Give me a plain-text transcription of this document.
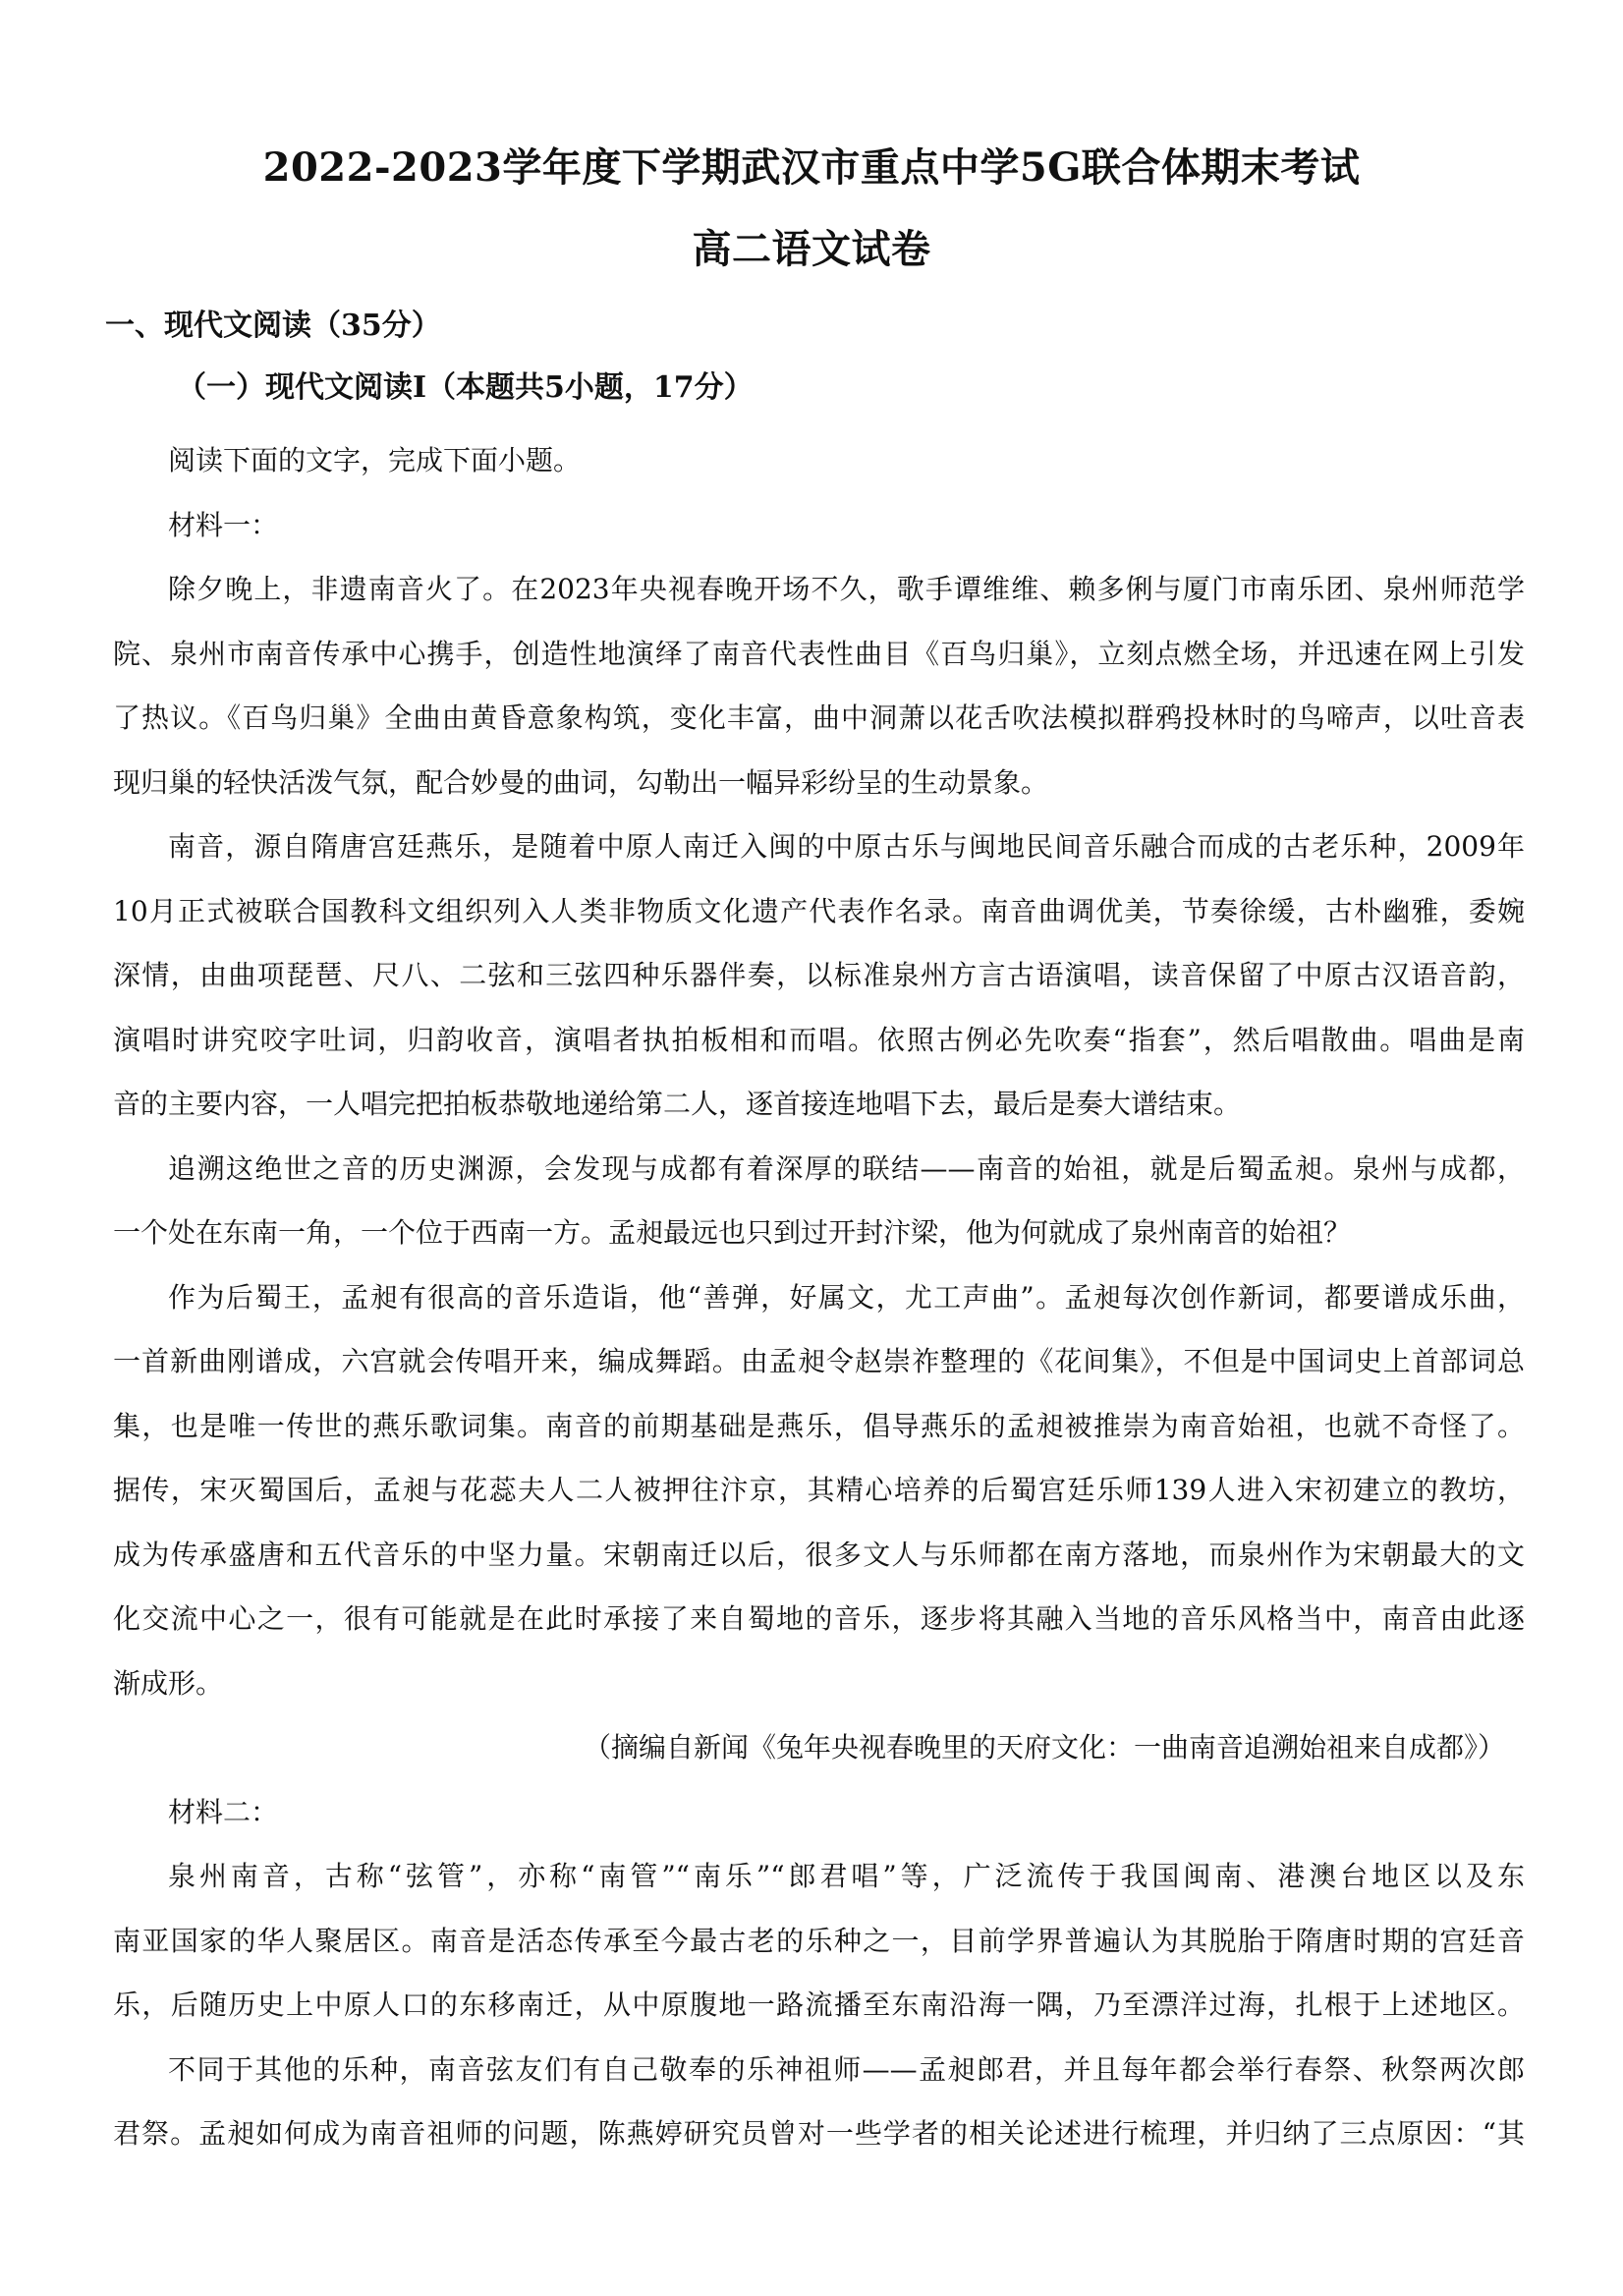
2022-2023学年度下学期武汉市重点中学5G联合体期末考试
高二语文试卷
一、现代文阅读（35分）
（一）现代文阅读Ⅰ（本题共5小题，17分）
阅读下面的文字，完成下面小题。
材料一：
除夕晚上，非遗南音火了。在2023年央视春晚开场不久，歌手谭维维、赖多俐与厦门市南乐团、泉州师范学
院、泉州市南音传承中心携手，创造性地演绎了南音代表性曲目《百鸟归巢》，立刻点燃全场，并迅速在网上引发
了热议。《百鸟归巢》全曲由黄昏意象构筑，变化丰富，曲中洞萧以花舌吹法模拟群鸦投林时的鸟啼声，以吐音表
现归巢的轻快活泼气氛，配合妙曼的曲词，勾勒出一幅异彩纷呈的生动景象。
南音，源自隋唐宫廷燕乐，是随着中原人南迁入闽的中原古乐与闽地民间音乐融合而成的古老乐种，2009年
10月正式被联合国教科文组织列入人类非物质文化遗产代表作名录。南音曲调优美，节奏徐缓，古朴幽雅，委婉
深情，由曲项琵琶、尺八、二弦和三弦四种乐器伴奏，以标准泉州方言古语演唱，读音保留了中原古汉语音韵，
演唱时讲究咬字吐词，归韵收音，演唱者执拍板相和而唱。依照古例必先吹奏“指套”，然后唱散曲。唱曲是南
音的主要内容，一人唱完把拍板恭敬地递给第二人，逐首接连地唱下去，最后是奏大谱结束。
追溯这绝世之音的历史渊源，会发现与成都有着深厚的联结——南音的始祖，就是后蜀孟昶。泉州与成都，
一个处在东南一角，一个位于西南一方。孟昶最远也只到过开封汴梁，他为何就成了泉州南音的始祖？
作为后蜀王，孟昶有很高的音乐造诣，他“善弹，好属文，尤工声曲”。孟昶每次创作新词，都要谱成乐曲，
一首新曲刚谱成，六宫就会传唱开来，编成舞蹈。由孟昶令赵崇祚整理的《花间集》，不但是中国词史上首部词总
集，也是唯一传世的燕乐歌词集。南音的前期基础是燕乐，倡导燕乐的孟昶被推崇为南音始祖，也就不奇怪了。
据传，宋灭蜀国后，孟昶与花蕊夫人二人被押往汴京，其精心培养的后蜀宫廷乐师139人进入宋初建立的教坊，
成为传承盛唐和五代音乐的中坚力量。宋朝南迁以后，很多文人与乐师都在南方落地，而泉州作为宋朝最大的文
化交流中心之一，很有可能就是在此时承接了来自蜀地的音乐，逐步将其融入当地的音乐风格当中，南音由此逐
渐成形。
（摘编自新闻《兔年央视春晚里的天府文化：一曲南音追溯始祖来自成都》）
材料二：
泉州南音，古称“弦管”，亦称“南管”“南乐”“郎君唱”等，广泛流传于我国闽南、港澳台地区以及东
南亚国家的华人聚居区。南音是活态传承至今最古老的乐种之一，目前学界普遍认为其脱胎于隋唐时期的宫廷音
乐，后随历史上中原人口的东移南迁，从中原腹地一路流播至东南沿海一隅，乃至漂洋过海，扎根于上述地区。
不同于其他的乐种，南音弦友们有自己敬奉的乐神祖师——孟昶郎君，并且每年都会举行春祭、秋祭两次郎
君祭。孟昶如何成为南音祖师的问题，陈燕婷研究员曾对一些学者的相关论述进行梳理，并归纳了三点原因：“其
